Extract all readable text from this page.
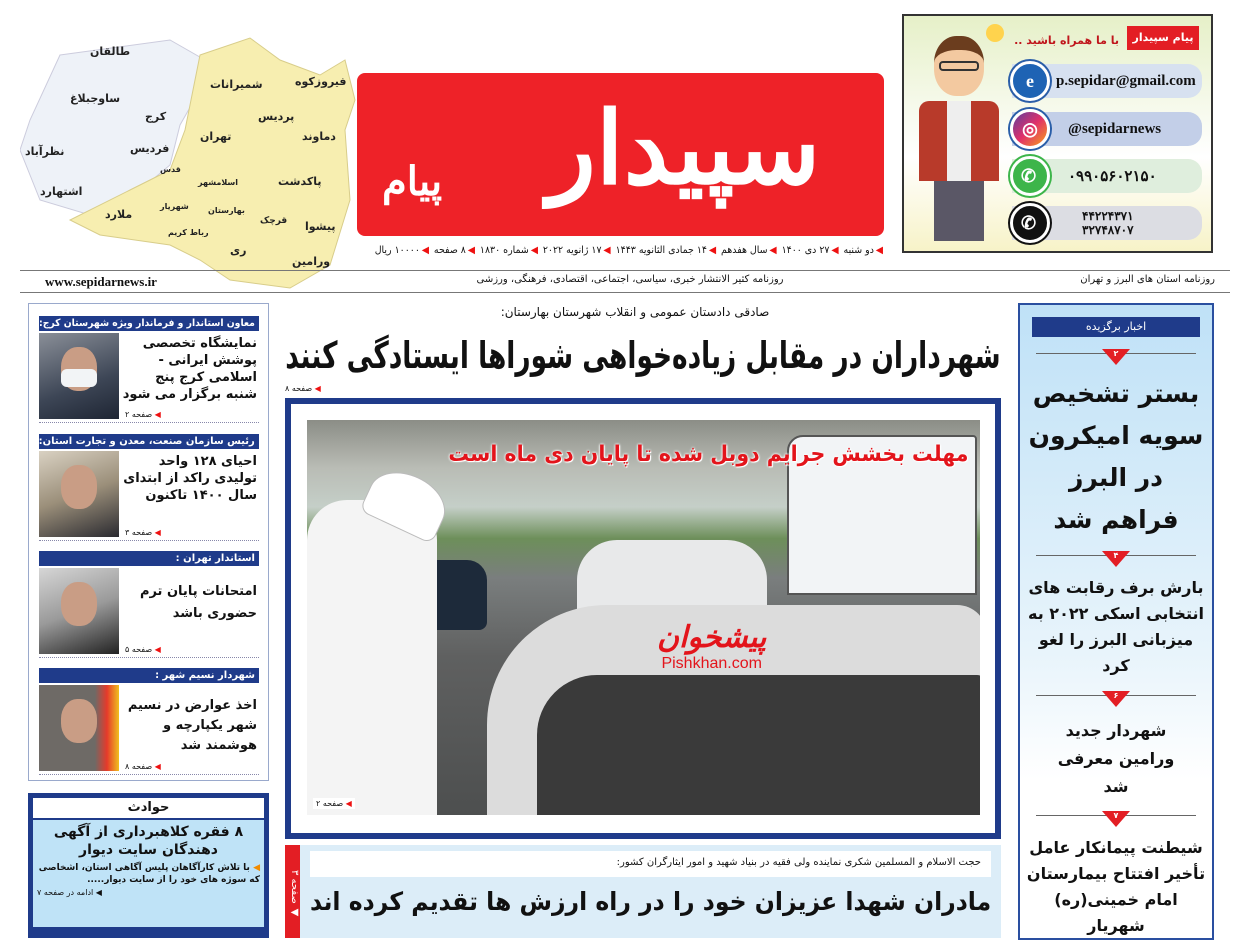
طالقان
ساوجبلاغ
کرج
نظرآباد	فردیس
اشتهارد
ملارد
شمیرانات
تهران
پردیس
دماوند
فیروزکوه
قدس
اسلامشهر
شهریار بهارستان
رباط کریم
ری
قرچک
پاکدشت
پیشوا
ورامین
سپیدار
پیام
◀دو شنبه ◀۲۷ دی ۱۴۰۰ ◀سال هفدهم ◀۱۴ جمادی الثانویه ۱۴۴۳ ◀۱۷ ژانویه ۲۰۲۲ ◀شماره ۱۸۳۰ ◀۸ صفحه ◀۱۰۰۰۰ ریال
پیام سپیدار
با ما همراه باشید ..
e	p.sepidar@gmail.com
◎	@sepidarnews
✆	۰۹۹۰۵۶۰۲۱۵۰
✆	۴۴۲۲۴۳۷۱
۳۲۷۴۸۷۰۷
www.sepidarnews.ir	روزنامه کثیر الانتشار خبری، سیاسی، اجتماعی، اقتصادی، فرهنگی، ورزشی	روزنامه استان های البرز و تهران
معاون استاندار و فرماندار ویژه شهرستان کرج:
نمایشگاه تخصصی پوشش ایرانی - اسلامی کرج پنج شنبه برگزار می شود
◀ صفحه ۲
رئیس سازمان صنعت، معدن و تجارت استان:
احیای ۱۲۸ واحد تولیدی راکد از ابتدای سال ۱۴۰۰ تاکنون
◀ صفحه ۳
استاندار تهران :
امتحانات پایان ترم حضوری باشد
◀ صفحه ۵
شهردار نسیم شهر :
اخذ عوارض در نسیم شهر یکپارچه و هوشمند شد
◀ صفحه ۸
حوادث
۸ فقره کلاهبرداری از آگهی دهندگان سایت دیوار
◀ با تلاش کارآگاهان پلیس آگاهی استان، اشخاصی که سوژه های خود را از سایت دیوار.....
◀ ادامه در صفحه ۷
صادقی دادستان عمومی و انقلاب شهرستان بهارستان:
شهرداران در مقابل زیاده‌خواهی شوراها ایستادگی کنند
◀ صفحه ۸
مهلت بخشش جرایم دوبل شده تا پایان دی ماه است
پیشخوان
Pishkhan.com
◀ صفحه ۲
صفحه ۳ ◀
حجت الاسلام و المسلمین شکری نماینده ولی فقیه در بنیاد شهید و امور ایثارگران کشور:
مادران شهدا عزیزان خود را در راه ارزش ها تقدیم کرده اند
اخبار برگزیده
۲
بستر تشخیص سویه امیکرون در البرز فراهم شد
۴
بارش برف رقابت های انتخابی اسکی ۲۰۲۲ به میزبانی البرز را لغو کرد
۶
شهردار جدید ورامین معرفی شد
۷
شیطنت پیمانکار عامل تأخیر افتتاح بیمارستان امام خمینی(ره) شهریار
